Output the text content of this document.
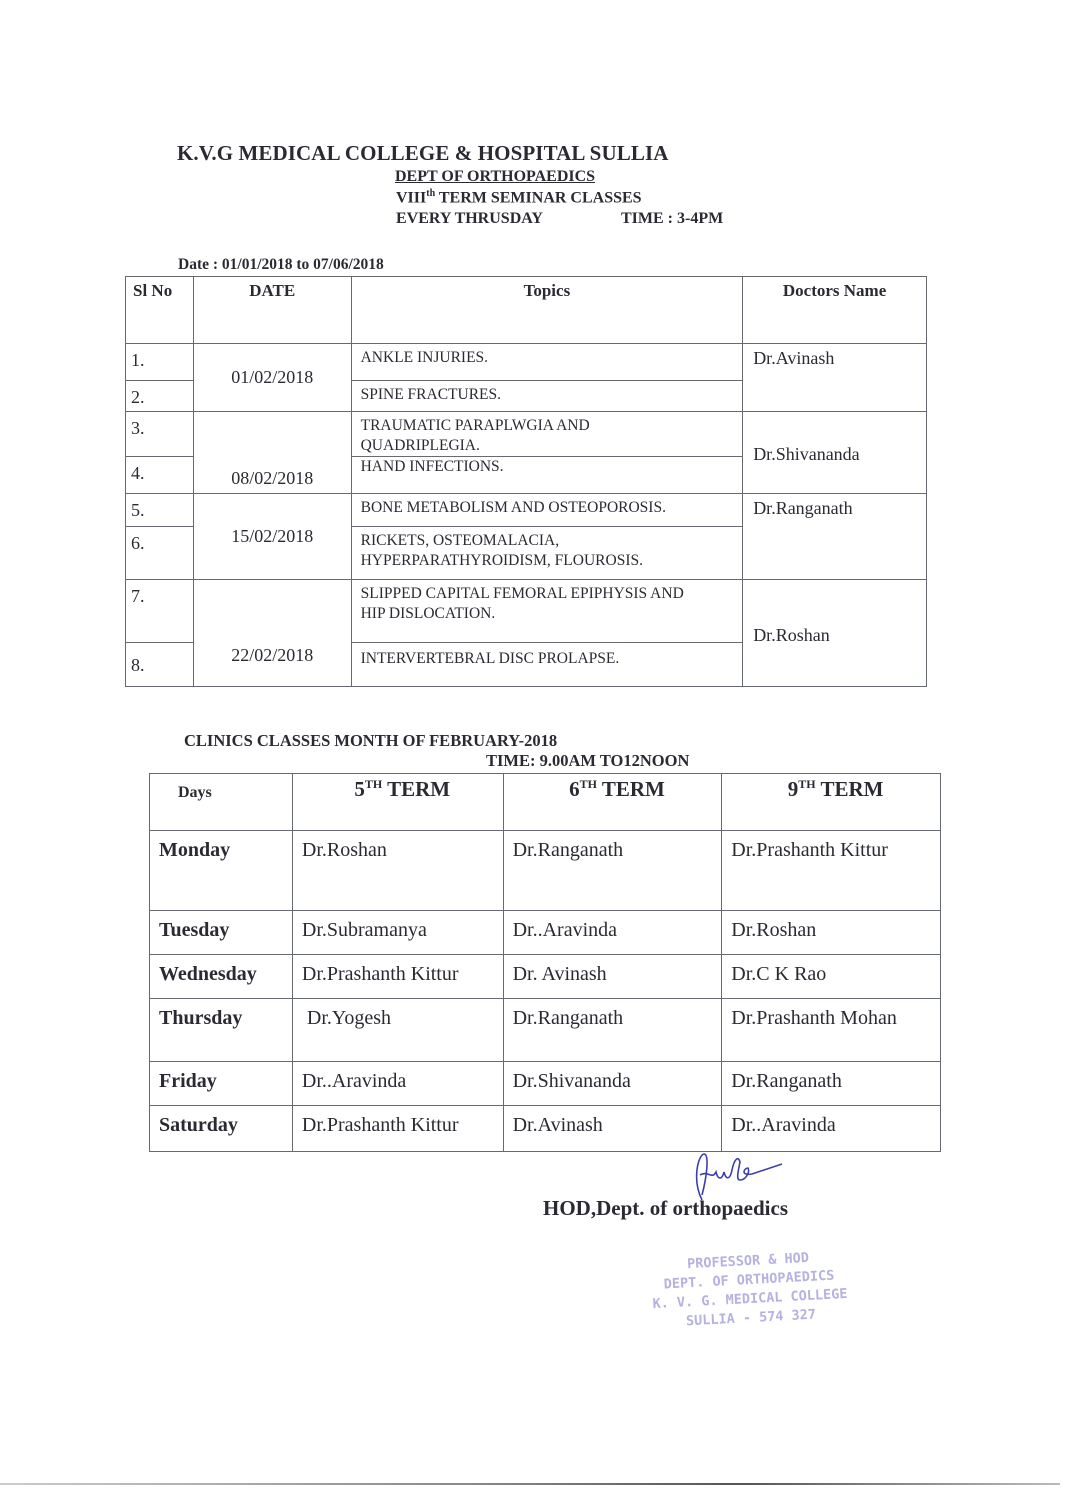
K.V.G MEDICAL COLLEGE & HOSPITAL SULLIA
DEPT OF ORTHOPAEDICS
VIIIth TERM SEMINAR CLASSES
EVERY THRUSDAY	TIME : 3-4PM
Date : 01/01/2018 to 07/06/2018
Sl No	DATE	Topics	Doctors Name
1.	01/02/2018	ANKLE INJURIES.	Dr.Avinash
2.		SPINE FRACTURES.	
3.	08/02/2018	TRAUMATIC PARAPLWGIA AND QUADRIPLEGIA.	Dr.Shivananda
4.		HAND INFECTIONS.	
5.	15/02/2018	BONE METABOLISM AND OSTEOPOROSIS.	Dr.Ranganath
6.		RICKETS, OSTEOMALACIA, HYPERPARATHYROIDISM, FLOUROSIS.	
7.	22/02/2018	SLIPPED CAPITAL FEMORAL EPIPHYSIS AND HIP DISLOCATION.	Dr.Roshan
8.		INTERVERTEBRAL DISC PROLAPSE.	
CLINICS CLASSES MONTH OF FEBRUARY-2018
TIME: 9.00AM TO12NOON
Days	5TH TERM	6TH TERM	9TH TERM
Monday	Dr.Roshan	Dr.Ranganath	Dr.Prashanth Kittur
Tuesday	Dr.Subramanya	Dr..Aravinda	Dr.Roshan
Wednesday	Dr.Prashanth Kittur	Dr. Avinash	Dr.C K Rao
Thursday	Dr.Yogesh	Dr.Ranganath	Dr.Prashanth Mohan
Friday	Dr..Aravinda	Dr.Shivananda	Dr.Ranganath
Saturday	Dr.Prashanth Kittur	Dr.Avinash	Dr..Aravinda
HOD,Dept. of orthopaedics
PROFESSOR & HOD
DEPT. OF ORTHOPAEDICS
K. V. G. MEDICAL COLLEGE
SULLIA - 574 327
